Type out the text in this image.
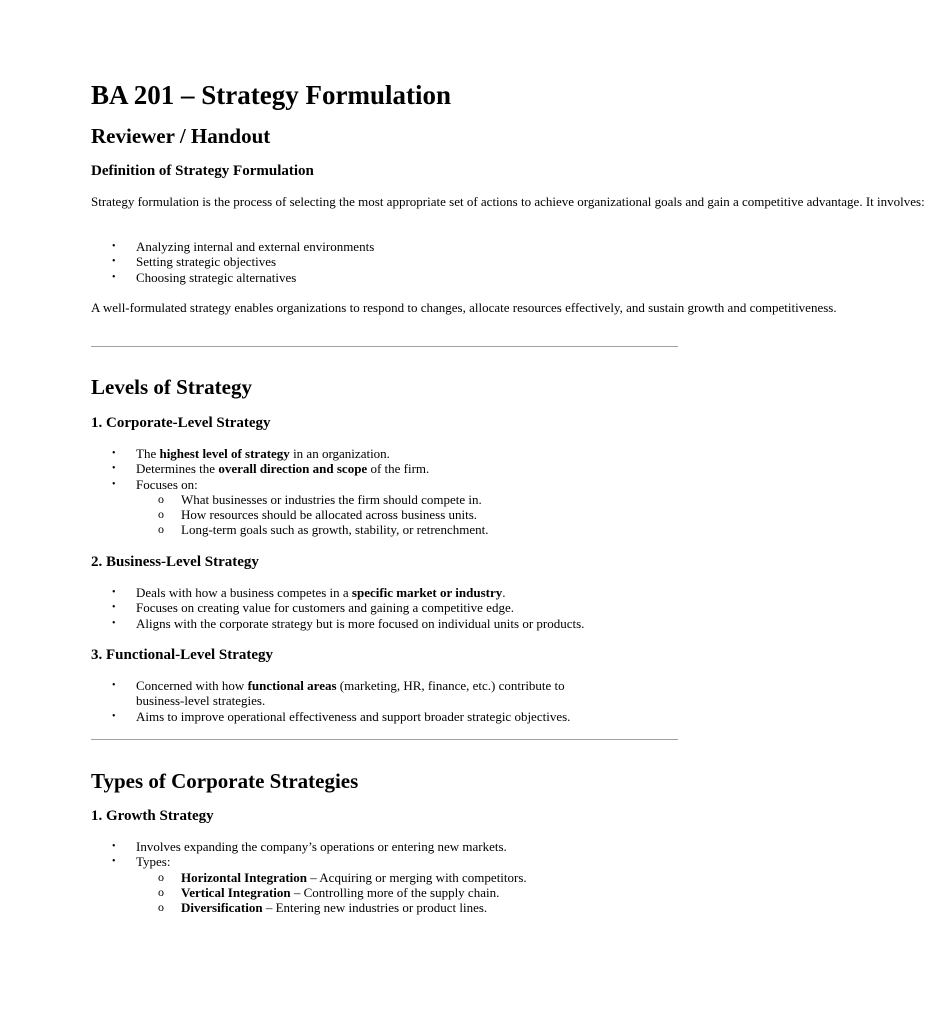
BA 201 – Strategy Formulation
Reviewer / Handout
Definition of Strategy Formulation

Strategy formulation is the process of selecting the most appropriate set of actions to achieve organizational goals and gain a competitive advantage. It involves:

• Analyzing internal and external environments
• Setting strategic objectives
• Choosing strategic alternatives

A well-formulated strategy enables organizations to respond to changes, allocate resources effectively, and sustain growth and competitiveness.

Levels of Strategy
1. Corporate-Level Strategy
• The highest level of strategy in an organization.
• Determines the overall direction and scope of the firm.
• Focuses on:
o What businesses or industries the firm should compete in.
o How resources should be allocated across business units.
o Long-term goals such as growth, stability, or retrenchment.
2. Business-Level Strategy
• Deals with how a business competes in a specific market or industry.
• Focuses on creating value for customers and gaining a competitive edge.
• Aligns with the corporate strategy but is more focused on individual units or products.
3. Functional-Level Strategy
• Concerned with how functional areas (marketing, HR, finance, etc.) contribute to
business-level strategies.
• Aims to improve operational effectiveness and support broader strategic objectives.
Types of Corporate Strategies
1. Growth Strategy
• Involves expanding the company’s operations or entering new markets.
• Types:
o Horizontal Integration – Acquiring or merging with competitors.
o Vertical Integration – Controlling more of the supply chain.
o Diversification – Entering new industries or product lines.
